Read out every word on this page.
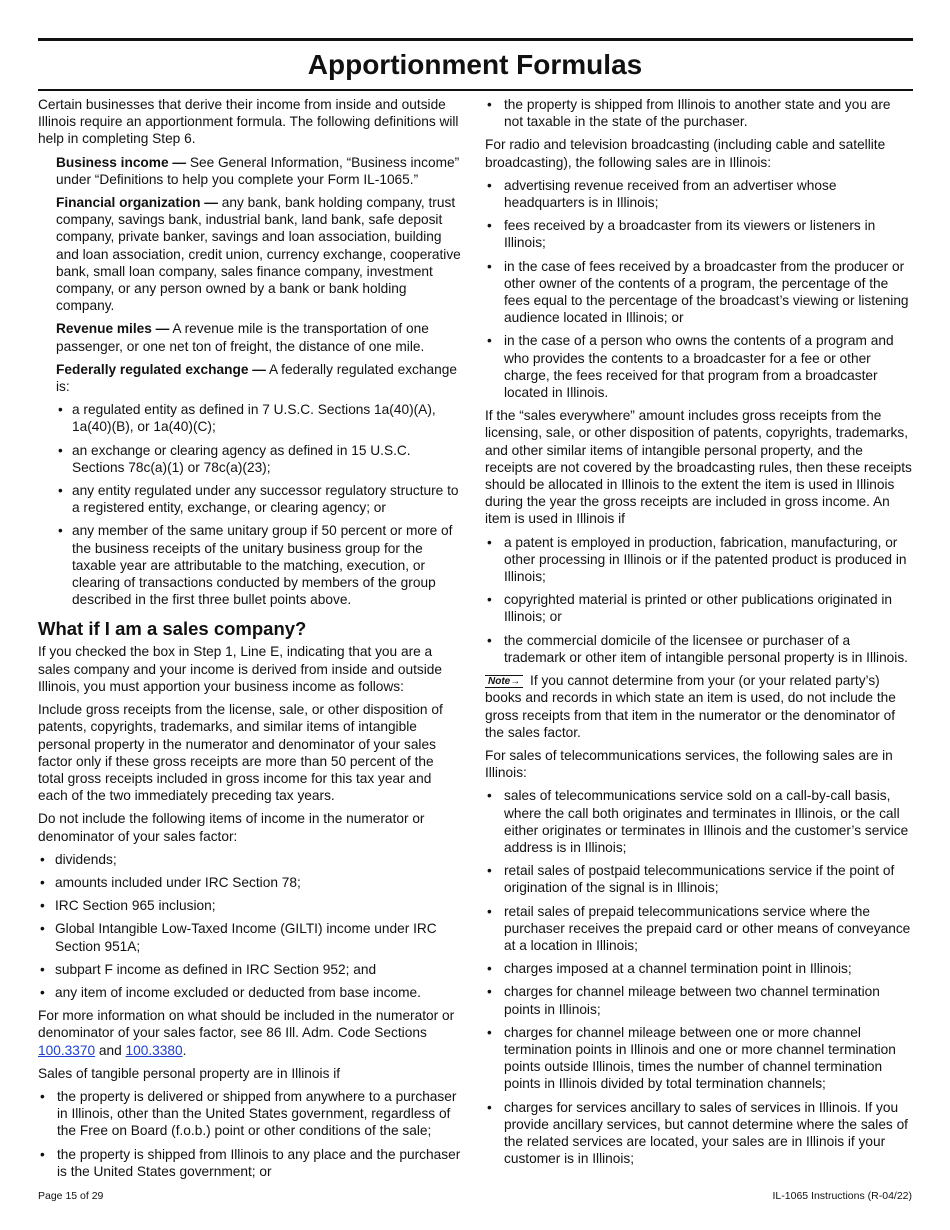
Apportionment Formulas

Certain businesses that derive their income from inside and outside Illinois require an apportionment formula. The following definitions will help in completing Step 6.

Business income — See General Information, “Business income” under “Definitions to help you complete your Form IL-1065.”

Financial organization — any bank, bank holding company, trust company, savings bank, industrial bank, land bank, safe deposit company, private banker, savings and loan association, building and loan association, credit union, currency exchange, cooperative bank, small loan company, sales finance company, investment company, or any person owned by a bank or bank holding company.

Revenue miles — A revenue mile is the transportation of one passenger, or one net ton of freight, the distance of one mile.

Federally regulated exchange — A federally regulated exchange is:

• a regulated entity as defined in 7 U.S.C. Sections 1a(40)(A), 1a(40)(B), or 1a(40)(C);
• an exchange or clearing agency as defined in 15 U.S.C. Sections 78c(a)(1) or 78c(a)(23);
• any entity regulated under any successor regulatory structure to a registered entity, exchange, or clearing agency; or
• any member of the same unitary group if 50 percent or more of the business receipts of the unitary business group for the taxable year are attributable to the matching, execution, or clearing of transactions conducted by members of the group described in the first three bullet points above.
What if I am a sales company?

If you checked the box in Step 1, Line E, indicating that you are a sales company and your income is derived from inside and outside Illinois, you must apportion your business income as follows:

Include gross receipts from the license, sale, or other disposition of patents, copyrights, trademarks, and similar items of intangible personal property in the numerator and denominator of your sales factor only if these gross receipts are more than 50 percent of the total gross receipts included in gross income for this tax year and each of the two immediately preceding tax years.

Do not include the following items of income in the numerator or denominator of your sales factor:

• dividends;
• amounts included under IRC Section 78;
• IRC Section 965 inclusion;
• Global Intangible Low-Taxed Income (GILTI) income under IRC Section 951A;
• subpart F income as defined in IRC Section 952; and
• any item of income excluded or deducted from base income.

For more information on what should be included in the numerator or denominator of your sales factor, see 86 Ill. Adm. Code Sections 100.3370 and 100.3380.

Sales of tangible personal property are in Illinois if

• the property is delivered or shipped from anywhere to a purchaser in Illinois, other than the United States government, regardless of the Free on Board (f.o.b.) point or other conditions of the sale;
• the property is shipped from Illinois to any place and the purchaser is the United States government; or
• the property is shipped from Illinois to another state and you are not taxable in the state of the purchaser.

For radio and television broadcasting (including cable and satellite broadcasting), the following sales are in Illinois:

• advertising revenue received from an advertiser whose headquarters is in Illinois;
• fees received by a broadcaster from its viewers or listeners in Illinois;
• in the case of fees received by a broadcaster from the producer or other owner of the contents of a program, the percentage of the fees equal to the percentage of the broadcast’s viewing or listening audience located in Illinois; or
• in the case of a person who owns the contents of a program and who provides the contents to a broadcaster for a fee or other charge, the fees received for that program from a broadcaster located in Illinois.

If the “sales everywhere” amount includes gross receipts from the licensing, sale, or other disposition of patents, copyrights, trademarks, and other similar items of intangible personal property, and the receipts are not covered by the broadcasting rules, then these receipts should be allocated in Illinois to the extent the item is used in Illinois during the year the gross receipts are included in gross income. An item is used in Illinois if

• a patent is employed in production, fabrication, manufacturing, or other processing in Illinois or if the patented product is produced in Illinois;
• copyrighted material is printed or other publications originated in Illinois; or
• the commercial domicile of the licensee or purchaser of a trademark or other item of intangible personal property is in Illinois.

Note→ If you cannot determine from your (or your related party’s) books and records in which state an item is used, do not include the gross receipts from that item in the numerator or the denominator of the sales factor.

For sales of telecommunications services, the following sales are in Illinois:

• sales of telecommunications service sold on a call-by-call basis, where the call both originates and terminates in Illinois, or the call either originates or terminates in Illinois and the customer’s service address is in Illinois;
• retail sales of postpaid telecommunications service if the point of origination of the signal is in Illinois;
• retail sales of prepaid telecommunications service where the purchaser receives the prepaid card or other means of conveyance at a location in Illinois;
• charges imposed at a channel termination point in Illinois;
• charges for channel mileage between two channel termination points in Illinois;
• charges for channel mileage between one or more channel termination points in Illinois and one or more channel termination points outside Illinois, times the number of channel termination points in Illinois divided by total termination channels;
• charges for services ancillary to sales of services in Illinois. If you provide ancillary services, but cannot determine where the sales of the related services are located, your sales are in Illinois if your customer is in Illinois;
Page 15 of 29	IL-1065 Instructions (R-04/22)
